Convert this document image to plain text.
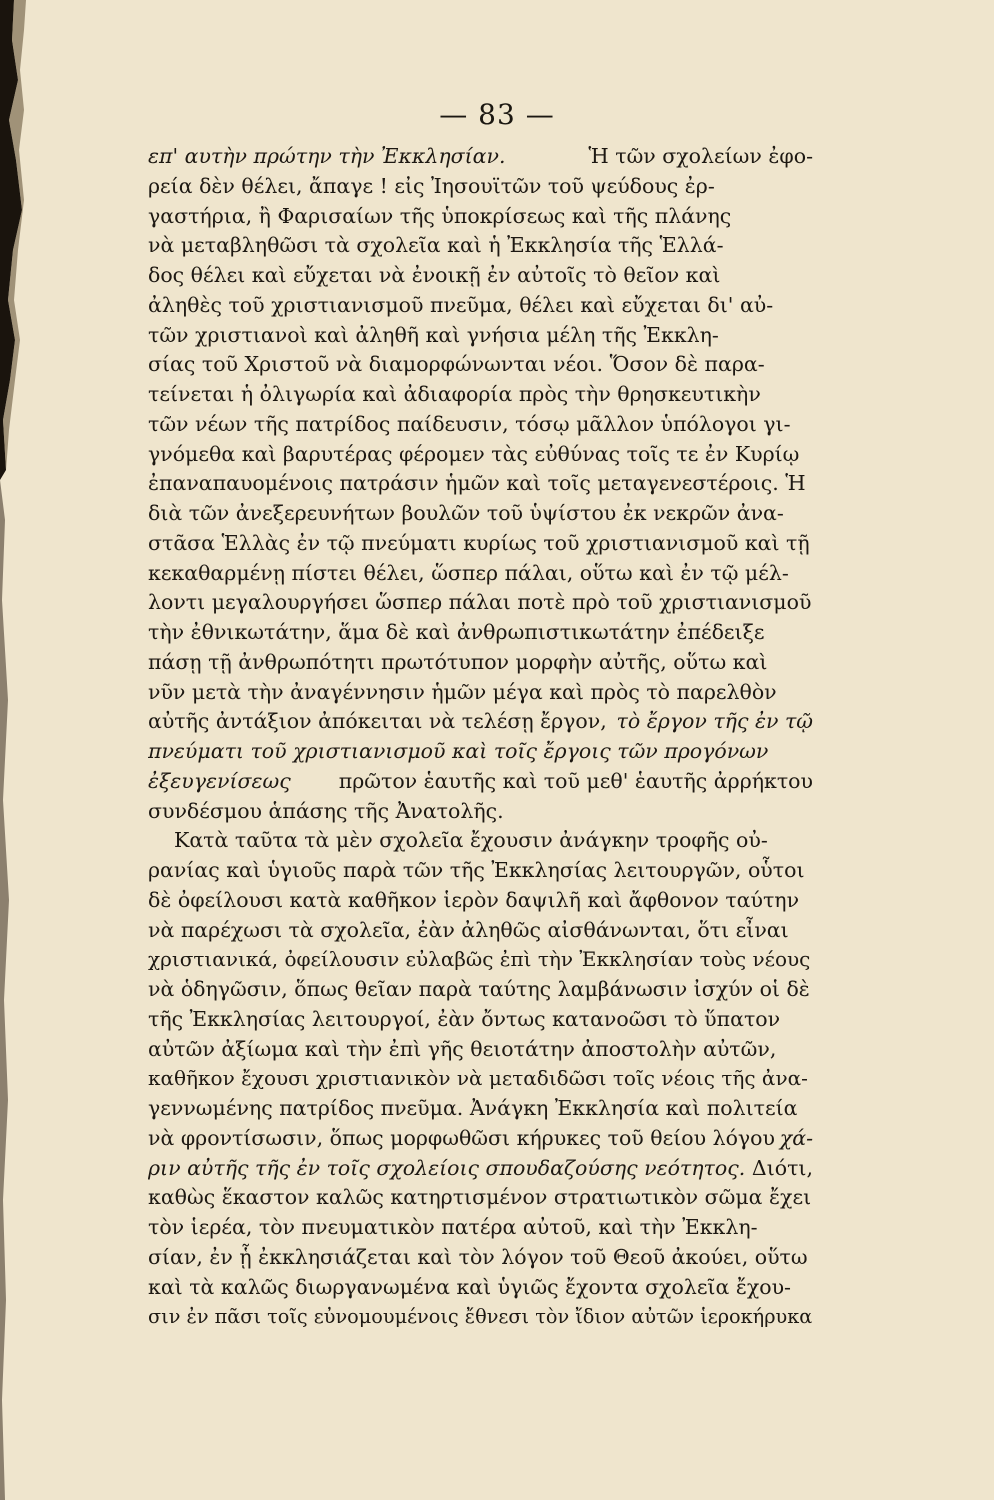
— 83 —
επ' αυτὴν πρώτην τὴν Ἐκκλησίαν.	Ἡ τῶν σχολείων ἐφο-
ρεία δὲν θέλει, ἄπαγε ! εἰς Ἰησουϊτῶν τοῦ ψεύδους ἐρ-
γαστήρια, ἢ Φαρισαίων τῆς ὑποκρίσεως καὶ τῆς πλάνης
νὰ μεταβληθῶσι τὰ σχολεῖα καὶ ἡ Ἐκκλησία τῆς Ἑλλά-
δος θέλει καὶ εὔχεται νὰ ἐνοικῇ ἐν αὐτοῖς τὸ θεῖον καὶ
ἀληθὲς τοῦ χριστιανισμοῦ πνεῦμα, θέλει καὶ εὔχεται δι' αὐ-
τῶν χριστιανοὶ καὶ ἀληθῆ καὶ γνήσια μέλη τῆς Ἐκκλη-
σίας τοῦ Χριστοῦ νὰ διαμορφώνωνται νέοι. Ὅσον δὲ παρα-
τείνεται ἡ ὀλιγωρία καὶ ἀδιαφορία πρὸς τὴν θρησκευτικὴν
τῶν νέων τῆς πατρίδος παίδευσιν, τόσῳ μᾶλλον ὑπόλογοι γι-
γνόμεθα καὶ βαρυτέρας φέρομεν τὰς εὐθύνας τοῖς τε ἐν Κυρίῳ
ἐπαναπαυομένοις πατράσιν ἡμῶν καὶ τοῖς μεταγενεστέροις. Ἡ
διὰ τῶν ἀνεξερευνήτων βουλῶν τοῦ ὑψίστου ἐκ νεκρῶν ἀνα-
στᾶσα Ἑλλὰς ἐν τῷ πνεύματι κυρίως τοῦ χριστιανισμοῦ καὶ τῇ
κεκαθαρμένῃ πίστει θέλει, ὥσπερ πάλαι, οὕτω καὶ ἐν τῷ μέλ-
λοντι μεγαλουργήσει ὥσπερ πάλαι ποτὲ πρὸ τοῦ χριστιανισμοῦ
τὴν ἐθνικωτάτην, ἅμα δὲ καὶ ἀνθρωπιστικωτάτην ἐπέδειξε
πάσῃ τῇ ἀνθρωπότητι πρωτότυπον μορφὴν αὐτῆς, οὕτω καὶ
νῦν μετὰ τὴν ἀναγέννησιν ἡμῶν μέγα καὶ πρὸς τὸ παρελθὸν
αὐτῆς ἀντάξιον ἀπόκειται νὰ τελέσῃ ἔργον, τὸ ἔργον τῆς ἐν τῷ
πνεύματι τοῦ χριστιανισμοῦ καὶ τοῖς ἔργοις τῶν προγόνων
ἐξευγενίσεως πρῶτον ἑαυτῆς καὶ τοῦ μεθ' ἑαυτῆς ἀρρήκτου
συνδέσμου ἁπάσης τῆς Ἀνατολῆς.
Κατὰ ταῦτα τὰ μὲν σχολεῖα ἔχουσιν ἀνάγκην τροφῆς οὐ-
ρανίας καὶ ὑγιοῦς παρὰ τῶν τῆς Ἐκκλησίας λειτουργῶν, οὗτοι
δὲ ὀφείλουσι κατὰ καθῆκον ἱερὸν δαψιλῆ καὶ ἄφθονον ταύτην
νὰ παρέχωσι τὰ σχολεῖα, ἐὰν ἀληθῶς αἰσθάνωνται, ὅτι εἶναι
χριστιανικά, ὀφείλουσιν εὐλαβῶς ἐπὶ τὴν Ἐκκλησίαν τοὺς νέους
νὰ ὁδηγῶσιν, ὅπως θεῖαν παρὰ ταύτης λαμβάνωσιν ἰσχύν οἱ δὲ
τῆς Ἐκκλησίας λειτουργοί, ἐὰν ὄντως κατανοῶσι τὸ ὕπατον
αὐτῶν ἀξίωμα καὶ τὴν ἐπὶ γῆς θειοτάτην ἀποστολὴν αὐτῶν,
καθῆκον ἔχουσι χριστιανικὸν νὰ μεταδιδῶσι τοῖς νέοις τῆς ἀνα-
γεννωμένης πατρίδος πνεῦμα. Ἀνάγκη Ἐκκλησία καὶ πολιτεία
νὰ φροντίσωσιν, ὅπως μορφωθῶσι κήρυκες τοῦ θείου λόγου χά-
ριν αὐτῆς τῆς ἐν τοῖς σχολείοις σπουδαζούσης νεότητος. Διότι,
καθὼς ἕκαστον καλῶς κατηρτισμένον στρατιωτικὸν σῶμα ἔχει
τὸν ἱερέα, τὸν πνευματικὸν πατέρα αὐτοῦ, καὶ τὴν Ἐκκλη-
σίαν, ἐν ᾗ ἐκκλησιάζεται καὶ τὸν λόγον τοῦ Θεοῦ ἀκούει, οὕτω
καὶ τὰ καλῶς διωργανωμένα καὶ ὑγιῶς ἔχοντα σχολεῖα ἔχου-
σιν ἐν πᾶσι τοῖς εὐνομουμένοις ἔθνεσι τὸν ἴδιον αὐτῶν ἱεροκήρυκα
